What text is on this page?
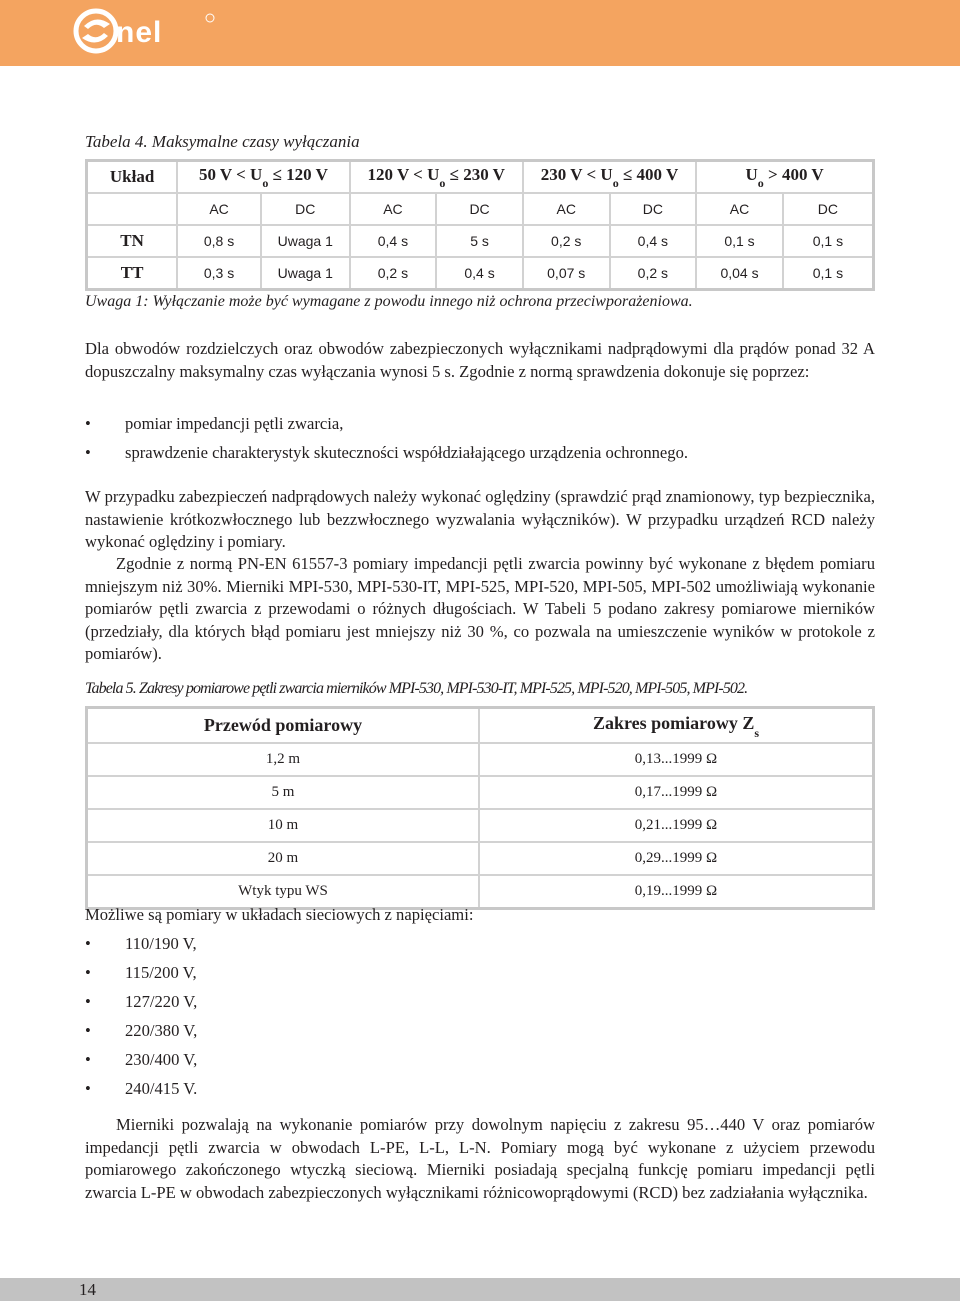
nel
Tabela 4. Maksymalne czasy wyłączania
Układ	50 $V < U_o \le 120$ V		120 $V < U_o \le 230$ V		230 $V < U_o \le 400$ V		$U_o > 400$ V	
	AC	DC	AC	DC	AC	DC	AC	DC
TN	0,8 s	Uwaga 1	0,4 s	5 s	0,2 s	0,4 s	0,1 s	0,1 s
TT	0,3 s	Uwaga 1	0,2 s	0,4 s	0,07 s	0,2 s	0,04 s	0,1 s
Uwaga 1: Wyłączanie może być wymagane z powodu innego niż ochrona przeciwporażeniowa.
Dla obwodów rozdzielczych oraz obwodów zabezpieczonych wyłącznikami nadprądowymi dla prądów ponad 32 A dopuszczalny maksymalny czas wyłączania wynosi 5 s. Zgodnie z normą sprawdzenia dokonuje się poprzez:
• pomiar impedancji pętli zwarcia,
• sprawdzenie charakterystyk skuteczności współdziałającego urządzenia ochronnego.
W przypadku zabezpieczeń nadprądowych należy wykonać oględziny (sprawdzić prąd znamionowy, typ bezpiecznika, nastawienie krótkozwłocznego lub bezzwłocznego wyzwalania wyłączników). W przypadku urządzeń RCD należy wykonać oględziny i pomiary.
Zgodnie z normą PN-EN 61557-3 pomiary impedancji pętli zwarcia powinny być wykonane z błędem pomiaru mniejszym niż 30%. Mierniki MPI-530, MPI-530-IT, MPI-525, MPI-520, MPI-505, MPI-502 umożliwiają wykonanie pomiarów pętli zwarcia z przewodami o różnych długościach. W Tabeli 5 podano zakresy pomiarowe mierników (przedziały, dla których błąd pomiaru jest mniejszy niż 30 %, co pozwala na umieszczenie wyników w protokole z pomiarów).
Tabela 5. Zakresy pomiarowe pętli zwarcia mierników MPI-530, MPI-530-IT, MPI-525, MPI-520, MPI-505, MPI-502.
Przewód pomiarowy	Zakres pomiarowy $Z_s$
1,2 m	0,13...1999 Ω
5 m	0,17...1999 Ω
10 m	0,21...1999 Ω
20 m	0,29...1999 Ω
Wtyk typu WS	0,19...1999 Ω
Możliwe są pomiary w układach sieciowych z napięciami:
• 110/190 V,
• 115/200 V,
• 127/220 V,
• 220/380 V,
• 230/400 V,
• 240/415 V.
Mierniki pozwalają na wykonanie pomiarów przy dowolnym napięciu z zakresu 95…440 V oraz pomiarów impedancji pętli zwarcia w obwodach L-PE, L-L, L-N. Pomiary mogą być wykonane z użyciem przewodu pomiarowego zakończonego wtyczką sieciową. Mierniki posiadają specjalną funkcję pomiaru impedancji pętli zwarcia L-PE w obwodach zabezpieczonych wyłącznikami różnicowoprądowymi (RCD) bez zadziałania wyłącznika.
14
